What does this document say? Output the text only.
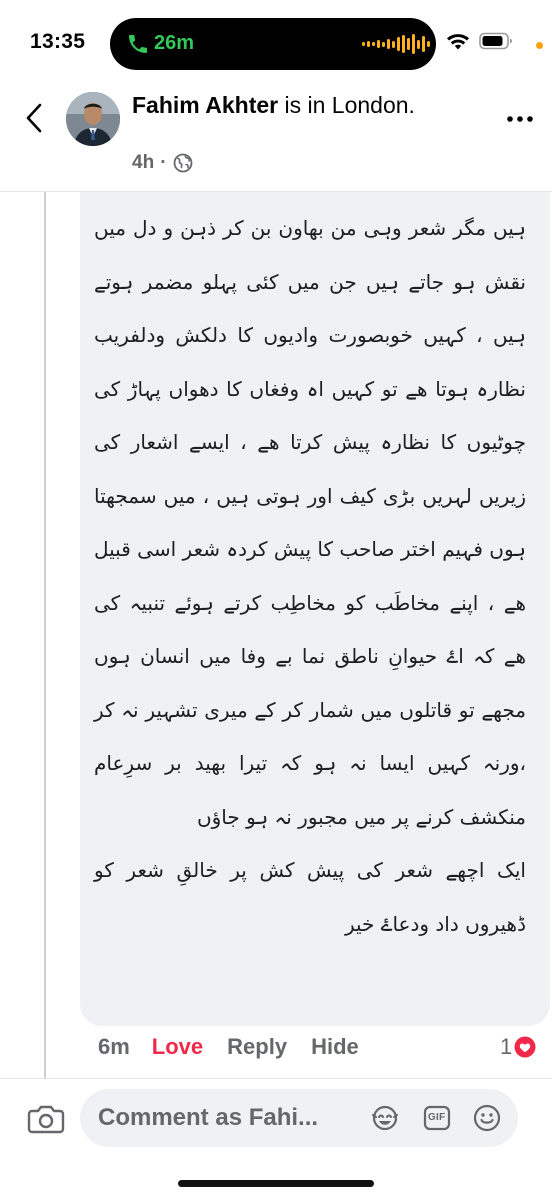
13:35	26m
Fahim Akhter is in London.
4h ·

ہیں مگر شعر وہی من بھاون بن کر ذہن و دل میں نقش ہو جاتے ہیں جن میں کئی پہلو مضمر ہوتے ہیں ، کہیں خوبصورت وادیوں کا دلکش ودلفریب نظارہ ہوتا ھے تو کہیں اہ وفغاں کا دھواں پہاڑ کی چوٹیوں کا نظارہ پیش کرتا ھے ، ایسے اشعار کی زیریں لہریں بڑی کیف اور ہوتی ہیں ، میں سمجھتا ہوں فہیم اختر صاحب کا پیش کردہ شعر اسی قبیل ھے ، اپنے مخاطَب کو مخاطِب کرتے ہوئے تنبیہ کی ھے کہ اۓ حیوانِ ناطق نما بے وفا میں انسان ہوں مجھے تو قاتلوں میں شمار کر کے میری تشہیر نہ کر ،ورنہ کہیں ایسا نہ ہو کہ تیرا بھید بر سرِعام منکشف کرنے پر میں مجبور نہ ہو جاؤں

ایک اچھے شعر کی پیش کش پر خالقِ شعر کو ڈھیروں داد ودعاۓ خیر

6m Love Reply Hide	1
Comment as Fahi...	GIF
